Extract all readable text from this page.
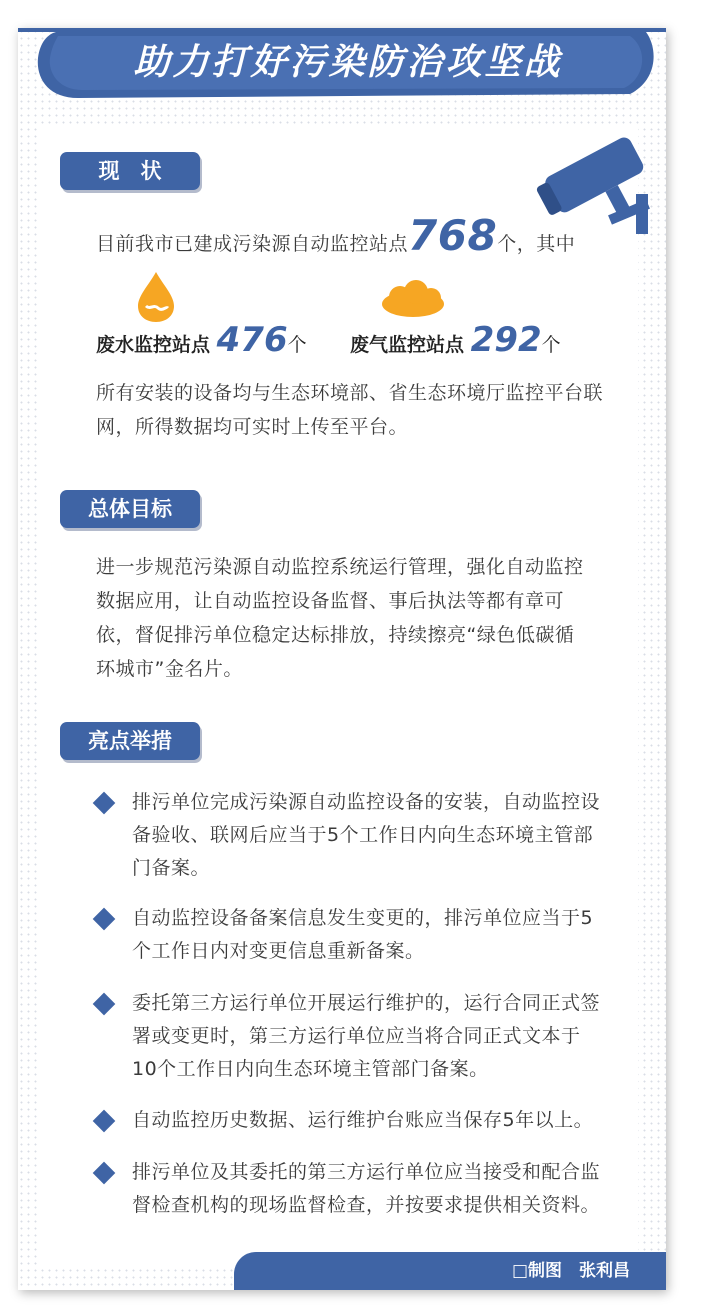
助力打好污染防治攻坚战
现　状
目前我市已建成污染源自动监控站点768个，其中
废水监控站点 476个 废气监控站点 292个
所有安装的设备均与生态环境部、省生态环境厅监控平台联
网，所得数据均可实时上传至平台。
总体目标
进一步规范污染源自动监控系统运行管理，强化自动监控
数据应用，让自动监控设备监督、事后执法等都有章可
依，督促排污单位稳定达标排放，持续擦亮“绿色低碳循
环城市”金名片。
亮点举措
排污单位完成污染源自动监控设备的安装，自动监控设
备验收、联网后应当于5个工作日内向生态环境主管部
门备案。
自动监控设备备案信息发生变更的，排污单位应当于5
个工作日内对变更信息重新备案。
委托第三方运行单位开展运行维护的，运行合同正式签
署或变更时，第三方运行单位应当将合同正式文本于
10个工作日内向生态环境主管部门备案。
自动监控历史数据、运行维护台账应当保存5年以上。
排污单位及其委托的第三方运行单位应当接受和配合监
督检查机构的现场监督检查，并按要求提供相关资料。
□制图　张利昌
